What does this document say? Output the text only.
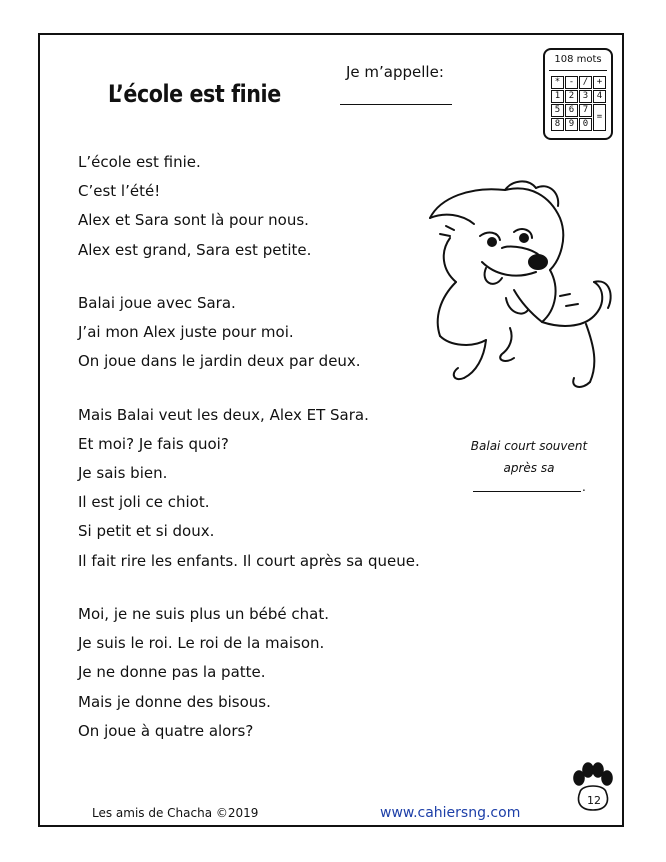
L’école est finie
Je m’appelle:
108 mots
* - / +
1 2 3 4
5 6 7
=
8 9 0
L’école est finie.
C’est l’été!
Alex et Sara sont là pour nous.
Alex est grand, Sara est petite.
Balai joue avec Sara.
J’ai mon Alex juste pour moi.
On joue dans le jardin deux par deux.
Mais Balai veut les deux, Alex ET Sara.
Et moi? Je fais quoi?
Je sais bien.
Il est joli ce chiot.
Si petit et si doux.
Il fait rire les enfants. Il court après sa queue.
Moi, je ne suis plus un bébé chat.
Je suis le roi. Le roi de la maison.
Je ne donne pas la patte.
Mais je donne des bisous.
On joue à quatre alors?
Balai court souvent
après sa
.
Les amis de Chacha ©2019	www.cahiersng.com
12
